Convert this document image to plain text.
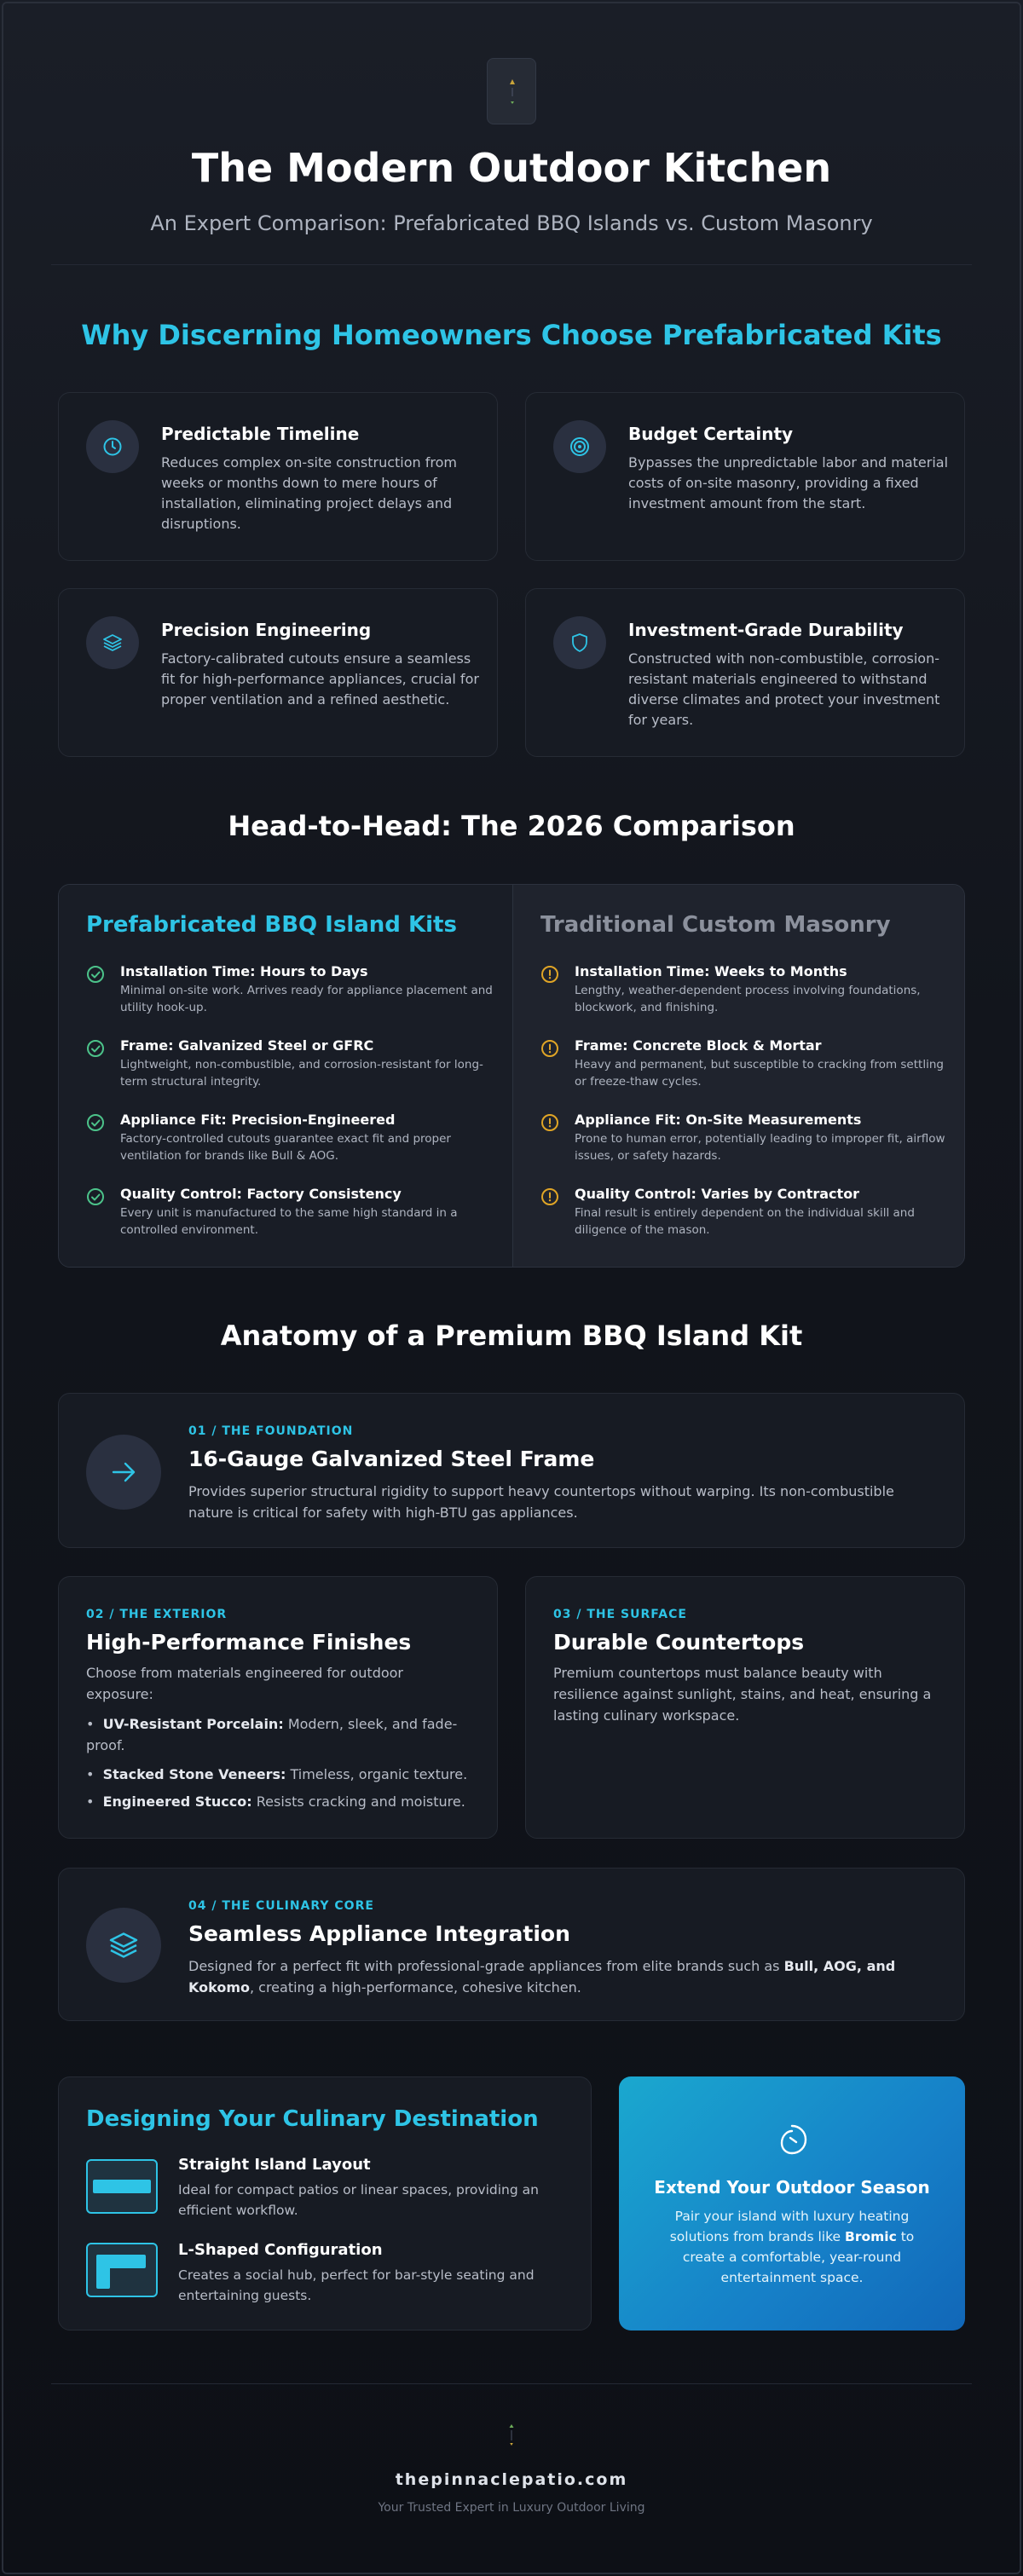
The Modern Outdoor Kitchen
An Expert Comparison: Prefabricated BBQ Islands vs. Custom Masonry
Why Discerning Homeowners Choose Prefabricated Kits
Predictable Timeline
Reduces complex on-site construction from weeks or months down to mere hours of installation, eliminating project delays and disruptions.
Budget Certainty
Bypasses the unpredictable labor and material costs of on-site masonry, providing a fixed investment amount from the start.
Precision Engineering
Factory-calibrated cutouts ensure a seamless fit for high-performance appliances, crucial for proper ventilation and a refined aesthetic.
Investment-Grade Durability
Constructed with non-combustible, corrosion-resistant materials engineered to withstand diverse climates and protect your investment for years.
Head-to-Head: The 2026 Comparison
Prefabricated BBQ Island Kits
Installation Time: Hours to Days
Minimal on-site work. Arrives ready for appliance placement and utility hook-up.
Frame: Galvanized Steel or GFRC
Lightweight, non-combustible, and corrosion-resistant for long-term structural integrity.
Appliance Fit: Precision-Engineered
Factory-controlled cutouts guarantee exact fit and proper ventilation for brands like Bull & AOG.
Quality Control: Factory Consistency
Every unit is manufactured to the same high standard in a controlled environment.
Traditional Custom Masonry
Installation Time: Weeks to Months
Lengthy, weather-dependent process involving foundations, blockwork, and finishing.
Frame: Concrete Block & Mortar
Heavy and permanent, but susceptible to cracking from settling or freeze-thaw cycles.
Appliance Fit: On-Site Measurements
Prone to human error, potentially leading to improper fit, airflow issues, or safety hazards.
Quality Control: Varies by Contractor
Final result is entirely dependent on the individual skill and diligence of the mason.
Anatomy of a Premium BBQ Island Kit
01 / THE FOUNDATION
16-Gauge Galvanized Steel Frame
Provides superior structural rigidity to support heavy countertops without warping. Its non-combustible nature is critical for safety with high-BTU gas appliances.
02 / THE EXTERIOR
High-Performance Finishes
Choose from materials engineered for outdoor exposure:
•  UV-Resistant Porcelain: Modern, sleek, and fade-proof.
•  Stacked Stone Veneers: Timeless, organic texture.
•  Engineered Stucco: Resists cracking and moisture.
03 / THE SURFACE
Durable Countertops
Premium countertops must balance beauty with resilience against sunlight, stains, and heat, ensuring a lasting culinary workspace.
04 / THE CULINARY CORE
Seamless Appliance Integration
Designed for a perfect fit with professional-grade appliances from elite brands such as Bull, AOG, and Kokomo, creating a high-performance, cohesive kitchen.
Designing Your Culinary Destination
Straight Island Layout
Ideal for compact patios or linear spaces, providing an efficient workflow.
L-Shaped Configuration
Creates a social hub, perfect for bar-style seating and entertaining guests.
Extend Your Outdoor Season
Pair your island with luxury heating solutions from brands like Bromic to create a comfortable, year-round entertainment space.
thepinnaclepatio.com
Your Trusted Expert in Luxury Outdoor Living
